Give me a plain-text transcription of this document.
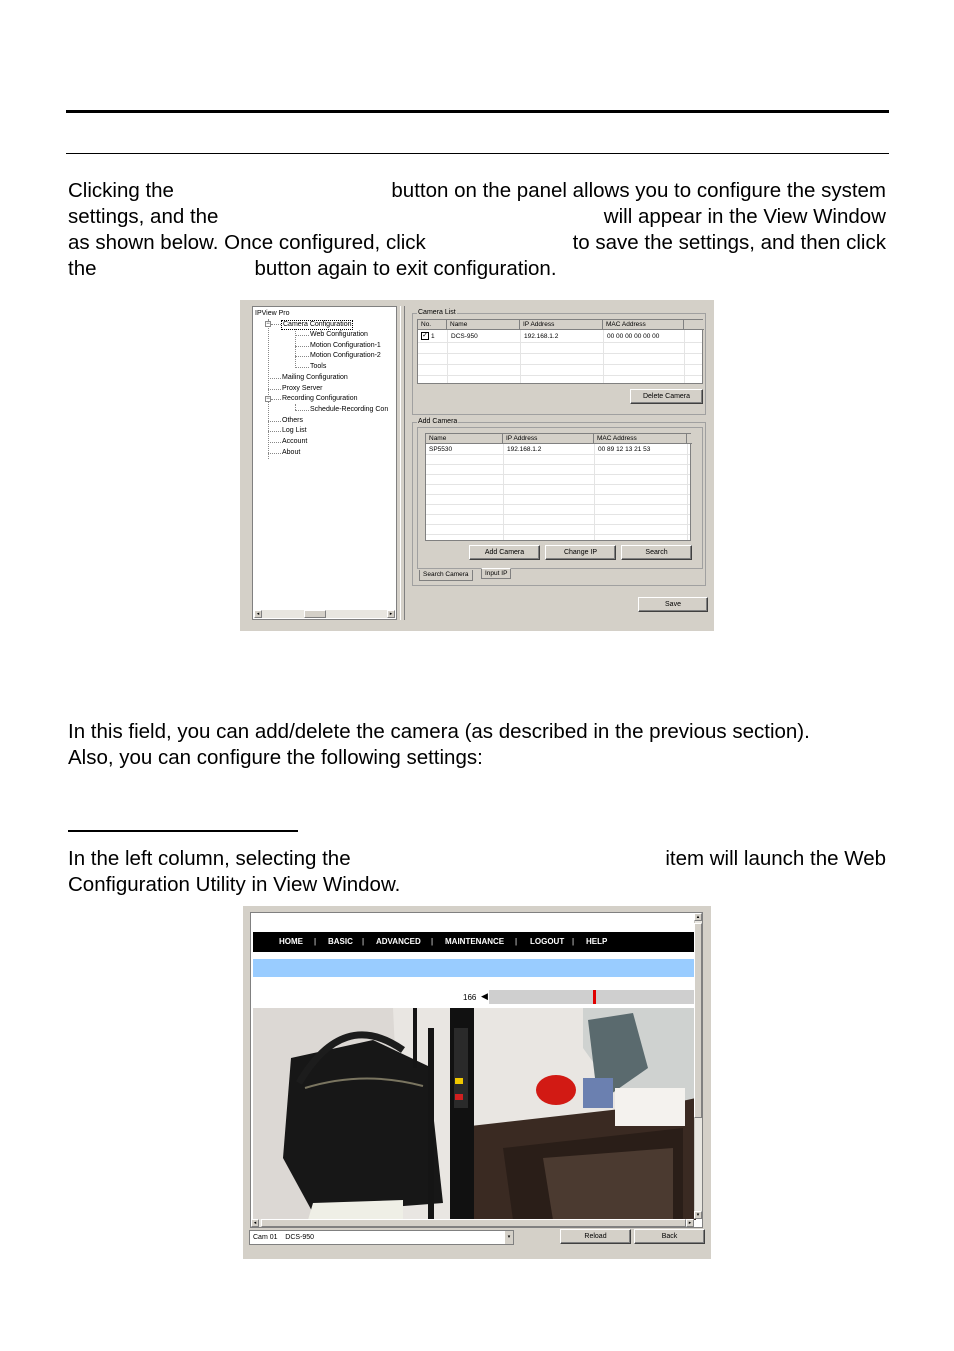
Clicking the	button on the panel allows you to configure the system
settings, and the	will appear in the View Window
as shown below. Once configured, click	to save the settings, and then click
the	button again to exit configuration.
IPView Pro
− Camera Configuration
Web Configuration
Motion Configuration-1
Motion Configuration-2
Tools
Mailing Configuration
Proxy Server
− Recording Configuration
Schedule-Recording Con
Others
Log List
Account
About
◂	▸
Camera List
No.	Name	IP Address	MAC Address
✓ 1	DCS-950	192.168.1.2	00 00 00 00 00 00
Delete Camera
Add Camera
Name	IP Address	MAC Address
SP5530	192.168.1.2	00 89 12 13 21 53
Add Camera	Change IP	Search
Search Camera	Input IP
Save
In this field, you can add/delete the camera (as described in the previous section).
Also, you can configure the following settings:
In the left column, selecting the	item will launch the Web
Configuration Utility in View Window.
HOME | BASIC | ADVANCED | MAINTENANCE | LOGOUT | HELP
166 ◀
▴
▾
◂	▸
Cam 01    DCS-950	▾	Reload	Back
